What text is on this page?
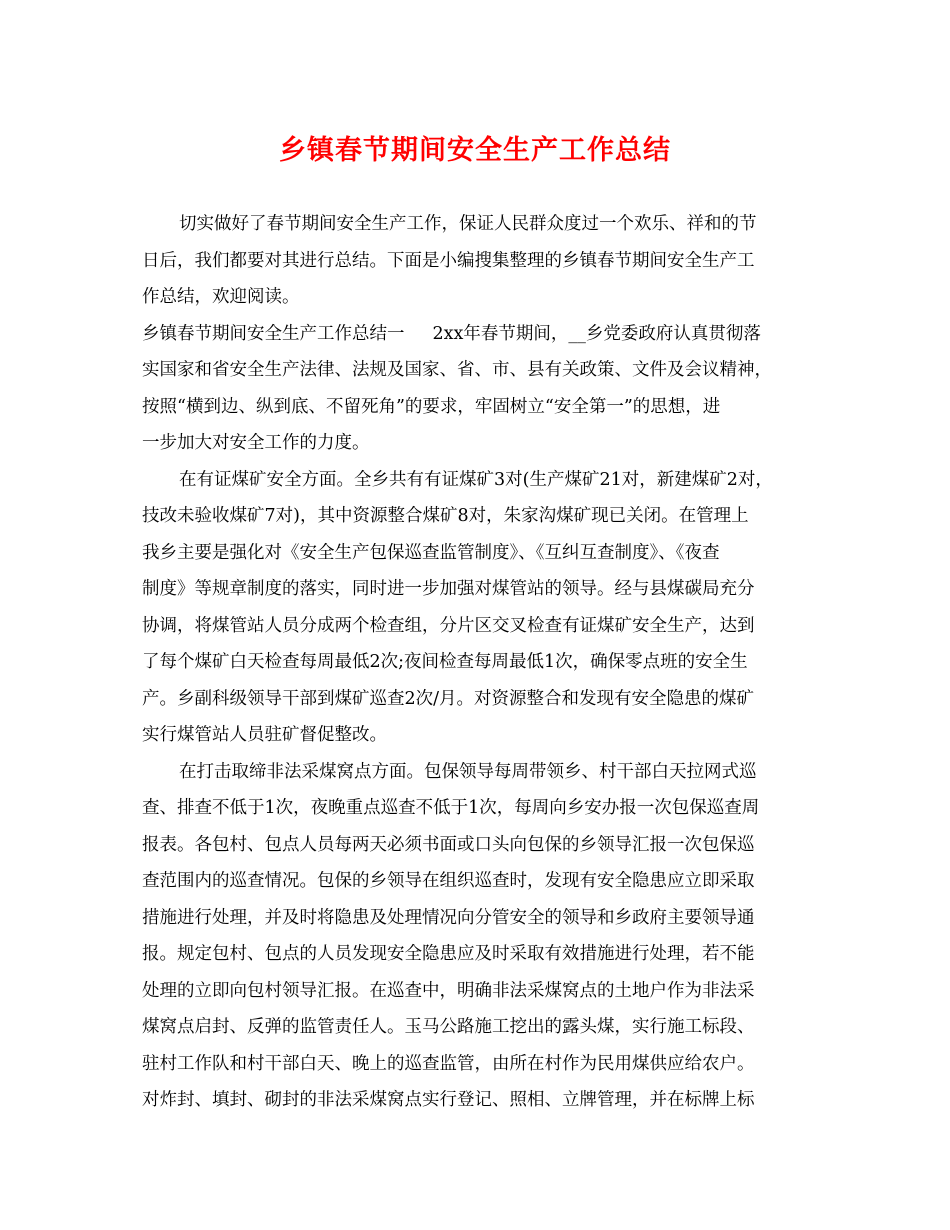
乡镇春节期间安全生产工作总结
切实做好了春节期间安全生产工作，保证人民群众度过一个欢乐、祥和的节
日后，我们都要对其进行总结。下面是小编搜集整理的乡镇春节期间安全生产工
作总结，欢迎阅读。
乡镇春节期间安全生产工作总结一 2xx年春节期间，__乡党委政府认真贯彻落
实国家和省安全生产法律、法规及国家、省、市、县有关政策、文件及会议精神，
按照“横到边、纵到底、不留死角”的要求，牢固树立“安全第一”的思想，进
一步加大对安全工作的力度。
在有证煤矿安全方面。全乡共有有证煤矿3对(生产煤矿21对，新建煤矿2对，
技改未验收煤矿7对)，其中资源整合煤矿8对，朱家沟煤矿现已关闭。在管理上
我乡主要是强化对《安全生产包保巡查监管制度》、《互纠互查制度》、《夜查
制度》等规章制度的落实，同时进一步加强对煤管站的领导。经与县煤碳局充分
协调，将煤管站人员分成两个检查组，分片区交叉检查有证煤矿安全生产，达到
了每个煤矿白天检查每周最低2次;夜间检查每周最低1次，确保零点班的安全生
产。乡副科级领导干部到煤矿巡查2次/月。对资源整合和发现有安全隐患的煤矿
实行煤管站人员驻矿督促整改。
在打击取缔非法采煤窝点方面。包保领导每周带领乡、村干部白天拉网式巡
查、排查不低于1次，夜晚重点巡查不低于1次，每周向乡安办报一次包保巡查周
报表。各包村、包点人员每两天必须书面或口头向包保的乡领导汇报一次包保巡
查范围内的巡查情况。包保的乡领导在组织巡查时，发现有安全隐患应立即采取
措施进行处理，并及时将隐患及处理情况向分管安全的领导和乡政府主要领导通
报。规定包村、包点的人员发现安全隐患应及时采取有效措施进行处理，若不能
处理的立即向包村领导汇报。在巡查中，明确非法采煤窝点的土地户作为非法采
煤窝点启封、反弹的监管责任人。玉马公路施工挖出的露头煤，实行施工标段、
驻村工作队和村干部白天、晚上的巡查监管，由所在村作为民用煤供应给农户。
对炸封、填封、砌封的非法采煤窝点实行登记、照相、立牌管理，并在标牌上标
